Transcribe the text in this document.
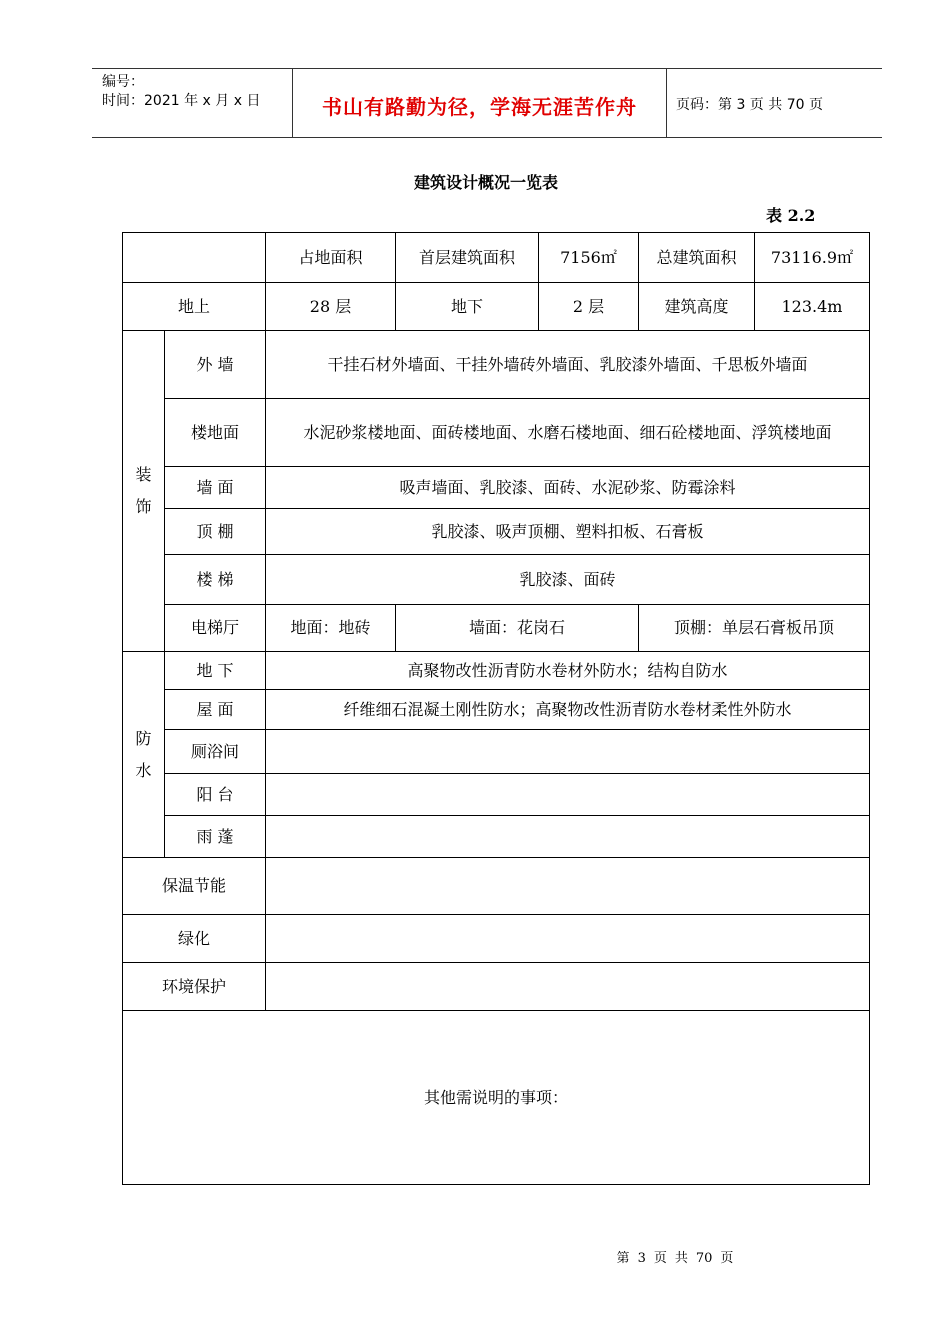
编号：
时间：2021 年 x 月 x 日	书山有路勤为径，学海无涯苦作舟	页码：第 3 页 共 70 页
建筑设计概况一览表
表 2.2
		占地面积	首层建筑面积	7156㎡	总建筑面积	73116.9㎡
地上		28 层	地下	2 层	建筑高度	123.4m

装饰	外 墙	干挂石材外墙面、干挂外墙砖外墙面、乳胶漆外墙面、千思板外墙面				
	楼地面	水泥砂浆楼地面、面砖楼地面、水磨石楼地面、细石砼楼地面、浮筑楼地面				
	墙 面	吸声墙面、乳胶漆、面砖、水泥砂浆、防霉涂料				
	顶 棚	乳胶漆、吸声顶棚、塑料扣板、石膏板				
	楼 梯	乳胶漆、面砖				
	电梯厅	地面：地砖	墙面：花岗石		顶棚：单层石膏板吊顶	

防水	地 下	高聚物改性沥青防水卷材外防水；结构自防水				
	屋 面	纤维细石混凝土刚性防水；高聚物改性沥青防水卷材柔性外防水				
	厕浴间					
	阳 台					
	雨 蓬					
保温节能						
绿化						
环境保护						
其他需说明的事项：						
第 3 页 共 70 页
